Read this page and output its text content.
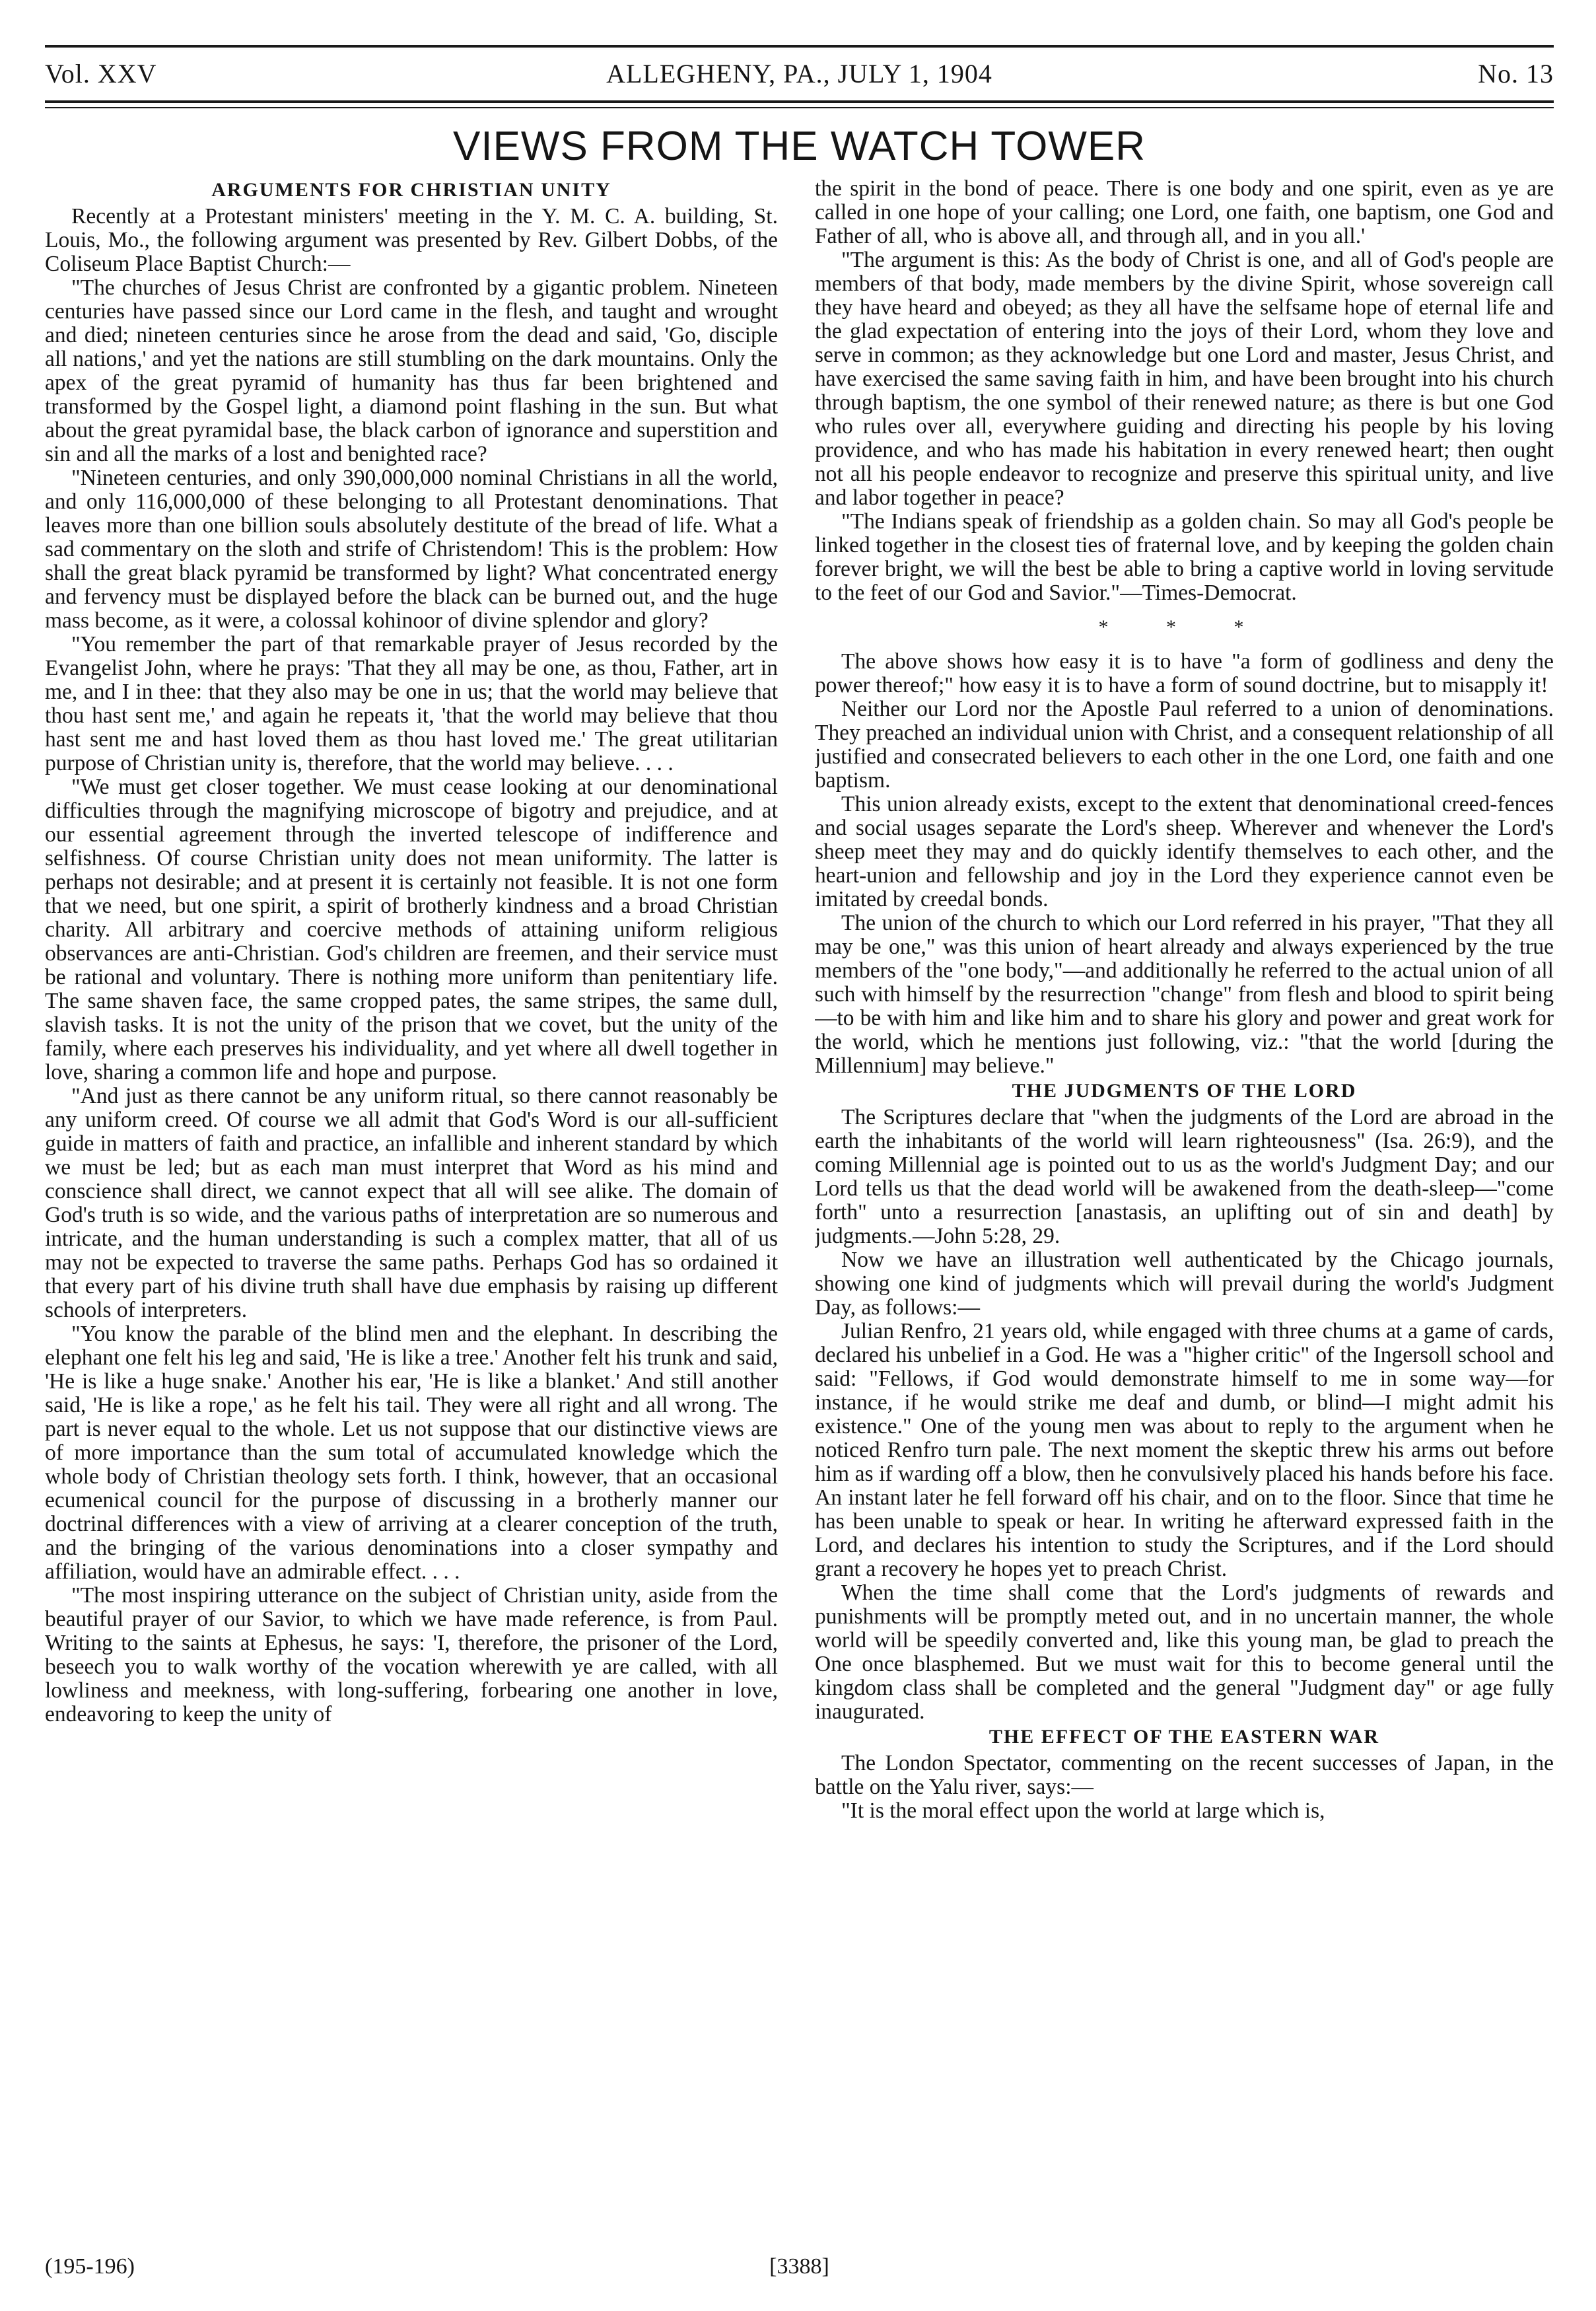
Vol. XXV	ALLEGHENY, PA., JULY 1, 1904	No. 13
VIEWS FROM THE WATCH TOWER
ARGUMENTS FOR CHRISTIAN UNITY

Recently at a Protestant ministers' meeting in the Y. M. C. A. building, St. Louis, Mo., the following argument was presented by Rev. Gilbert Dobbs, of the Coliseum Place Baptist Church:—

"The churches of Jesus Christ are confronted by a gigantic problem. Nineteen centuries have passed since our Lord came in the flesh, and taught and wrought and died; nineteen centuries since he arose from the dead and said, 'Go, disciple all nations,' and yet the nations are still stumbling on the dark mountains. Only the apex of the great pyramid of humanity has thus far been brightened and transformed by the Gospel light, a diamond point flashing in the sun. But what about the great pyramidal base, the black carbon of ignorance and superstition and sin and all the marks of a lost and benighted race?

"Nineteen centuries, and only 390,000,000 nominal Christians in all the world, and only 116,000,000 of these belonging to all Protestant denominations. That leaves more than one billion souls absolutely destitute of the bread of life. What a sad commentary on the sloth and strife of Christendom! This is the problem: How shall the great black pyramid be transformed by light? What concentrated energy and fervency must be displayed before the black can be burned out, and the huge mass become, as it were, a colossal kohinoor of divine splendor and glory?

"You remember the part of that remarkable prayer of Jesus recorded by the Evangelist John, where he prays: 'That they all may be one, as thou, Father, art in me, and I in thee: that they also may be one in us; that the world may believe that thou hast sent me,' and again he repeats it, 'that the world may believe that thou hast sent me and hast loved them as thou hast loved me.' The great utilitarian purpose of Christian unity is, therefore, that the world may believe. . . .

"We must get closer together. We must cease looking at our denominational difficulties through the magnifying microscope of bigotry and prejudice, and at our essential agreement through the inverted telescope of indifference and selfishness. Of course Christian unity does not mean uniformity. The latter is perhaps not desirable; and at present it is certainly not feasible. It is not one form that we need, but one spirit, a spirit of brotherly kindness and a broad Christian charity. All arbitrary and coercive methods of attaining uniform religious observances are anti-Christian. God's children are freemen, and their service must be rational and voluntary. There is nothing more uniform than penitentiary life. The same shaven face, the same cropped pates, the same stripes, the same dull, slavish tasks. It is not the unity of the prison that we covet, but the unity of the family, where each preserves his individuality, and yet where all dwell together in love, sharing a common life and hope and purpose.

"And just as there cannot be any uniform ritual, so there cannot reasonably be any uniform creed. Of course we all admit that God's Word is our all-sufficient guide in matters of faith and practice, an infallible and inherent standard by which we must be led; but as each man must interpret that Word as his mind and conscience shall direct, we cannot expect that all will see alike. The domain of God's truth is so wide, and the various paths of interpretation are so numerous and intricate, and the human understanding is such a complex matter, that all of us may not be expected to traverse the same paths. Perhaps God has so ordained it that every part of his divine truth shall have due emphasis by raising up different schools of interpreters.

"You know the parable of the blind men and the elephant. In describing the elephant one felt his leg and said, 'He is like a tree.' Another felt his trunk and said, 'He is like a huge snake.' Another his ear, 'He is like a blanket.' And still another said, 'He is like a rope,' as he felt his tail. They were all right and all wrong. The part is never equal to the whole. Let us not suppose that our distinctive views are of more importance than the sum total of accumulated knowledge which the whole body of Christian theology sets forth. I think, however, that an occasional ecumenical council for the purpose of discussing in a brotherly manner our doctrinal differences with a view of arriving at a clearer conception of the truth, and the bringing of the various denominations into a closer sympathy and affiliation, would have an admirable effect. . . .

"The most inspiring utterance on the subject of Christian unity, aside from the beautiful prayer of our Savior, to which we have made reference, is from Paul. Writing to the saints at Ephesus, he says: 'I, therefore, the prisoner of the Lord, beseech you to walk worthy of the vocation wherewith ye are called, with all lowliness and meekness, with long-suffering, forbearing one another in love, endeavoring to keep the unity of

the spirit in the bond of peace. There is one body and one spirit, even as ye are called in one hope of your calling; one Lord, one faith, one baptism, one God and Father of all, who is above all, and through all, and in you all.'

"The argument is this: As the body of Christ is one, and all of God's people are members of that body, made members by the divine Spirit, whose sovereign call they have heard and obeyed; as they all have the selfsame hope of eternal life and the glad expectation of entering into the joys of their Lord, whom they love and serve in common; as they acknowledge but one Lord and master, Jesus Christ, and have exercised the same saving faith in him, and have been brought into his church through baptism, the one symbol of their renewed nature; as there is but one God who rules over all, everywhere guiding and directing his people by his loving providence, and who has made his habitation in every renewed heart; then ought not all his people endeavor to recognize and preserve this spiritual unity, and live and labor together in peace?

"The Indians speak of friendship as a golden chain. So may all God's people be linked together in the closest ties of fraternal love, and by keeping the golden chain forever bright, we will the best be able to bring a captive world in loving servitude to the feet of our God and Savior."—Times-Democrat.

* * *

The above shows how easy it is to have "a form of godliness and deny the power thereof;" how easy it is to have a form of sound doctrine, but to misapply it!

Neither our Lord nor the Apostle Paul referred to a union of denominations. They preached an individual union with Christ, and a consequent relationship of all justified and consecrated believers to each other in the one Lord, one faith and one baptism.

This union already exists, except to the extent that denominational creed-fences and social usages separate the Lord's sheep. Wherever and whenever the Lord's sheep meet they may and do quickly identify themselves to each other, and the heart-union and fellowship and joy in the Lord they experience cannot even be imitated by creedal bonds.

The union of the church to which our Lord referred in his prayer, "That they all may be one," was this union of heart already and always experienced by the true members of the "one body,"—and additionally he referred to the actual union of all such with himself by the resurrection "change" from flesh and blood to spirit being—to be with him and like him and to share his glory and power and great work for the world, which he mentions just following, viz.: "that the world [during the Millennium] may believe."

THE JUDGMENTS OF THE LORD

The Scriptures declare that "when the judgments of the Lord are abroad in the earth the inhabitants of the world will learn righteousness" (Isa. 26:9), and the coming Millennial age is pointed out to us as the world's Judgment Day; and our Lord tells us that the dead world will be awakened from the death-sleep—"come forth" unto a resurrection [anastasis, an uplifting out of sin and death] by judgments.—John 5:28, 29.

Now we have an illustration well authenticated by the Chicago journals, showing one kind of judgments which will prevail during the world's Judgment Day, as follows:—

Julian Renfro, 21 years old, while engaged with three chums at a game of cards, declared his unbelief in a God. He was a "higher critic" of the Ingersoll school and said: "Fellows, if God would demonstrate himself to me in some way—for instance, if he would strike me deaf and dumb, or blind—I might admit his existence." One of the young men was about to reply to the argument when he noticed Renfro turn pale. The next moment the skeptic threw his arms out before him as if warding off a blow, then he convulsively placed his hands before his face. An instant later he fell forward off his chair, and on to the floor. Since that time he has been unable to speak or hear. In writing he afterward expressed faith in the Lord, and declares his intention to study the Scriptures, and if the Lord should grant a recovery he hopes yet to preach Christ.

When the time shall come that the Lord's judgments of rewards and punishments will be promptly meted out, and in no uncertain manner, the whole world will be speedily converted and, like this young man, be glad to preach the One once blasphemed. But we must wait for this to become general until the kingdom class shall be completed and the general "Judgment day" or age fully inaugurated.

THE EFFECT OF THE EASTERN WAR

The London Spectator, commenting on the recent successes of Japan, in the battle on the Yalu river, says:—

"It is the moral effect upon the world at large which is,

(195-196)	[3388]
